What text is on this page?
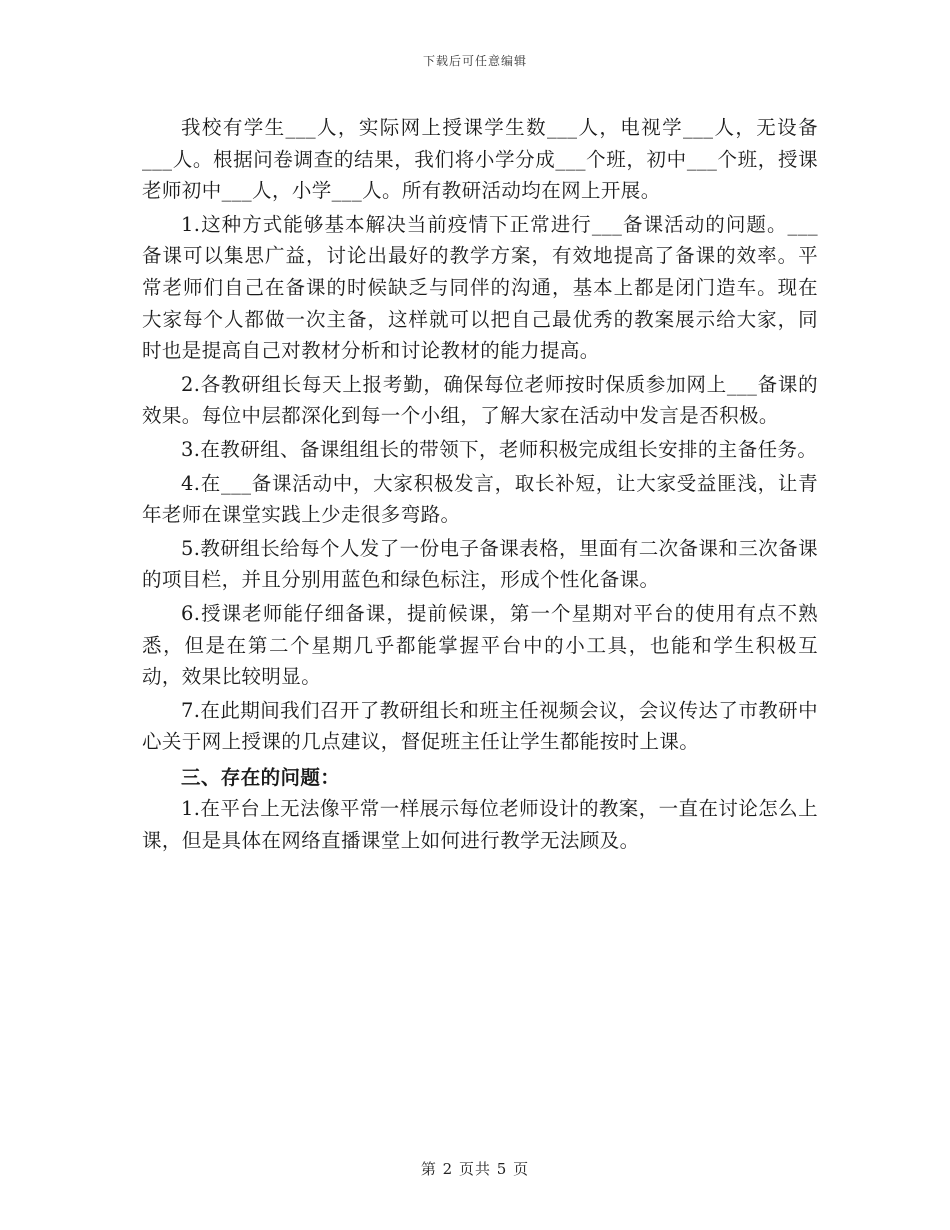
下载后可任意编辑

我校有学生___人，实际网上授课学生数___人，电视学___人，无设备___人。根据问卷调查的结果，我们将小学分成___个班，初中___个班，授课老师初中___人，小学___人。所有教研活动均在网上开展。

1.这种方式能够基本解决当前疫情下正常进行___备课活动的问题。___备课可以集思广益，讨论出最好的教学方案，有效地提高了备课的效率。平常老师们自己在备课的时候缺乏与同伴的沟通，基本上都是闭门造车。现在大家每个人都做一次主备，这样就可以把自己最优秀的教案展示给大家，同时也是提高自己对教材分析和讨论教材的能力提高。

2.各教研组长每天上报考勤，确保每位老师按时保质参加网上___备课的效果。每位中层都深化到每一个小组，了解大家在活动中发言是否积极。

3.在教研组、备课组组长的带领下，老师积极完成组长安排的主备任务。

4.在___备课活动中，大家积极发言，取长补短，让大家受益匪浅，让青年老师在课堂实践上少走很多弯路。

5.教研组长给每个人发了一份电子备课表格，里面有二次备课和三次备课的项目栏，并且分别用蓝色和绿色标注，形成个性化备课。

6.授课老师能仔细备课，提前候课，第一个星期对平台的使用有点不熟悉，但是在第二个星期几乎都能掌握平台中的小工具，也能和学生积极互动，效果比较明显。

7.在此期间我们召开了教研组长和班主任视频会议，会议传达了市教研中心关于网上授课的几点建议，督促班主任让学生都能按时上课。

三、存在的问题：

1.在平台上无法像平常一样展示每位老师设计的教案，一直在讨论怎么上课，但是具体在网络直播课堂上如何进行教学无法顾及。

第 2 页共 5 页
